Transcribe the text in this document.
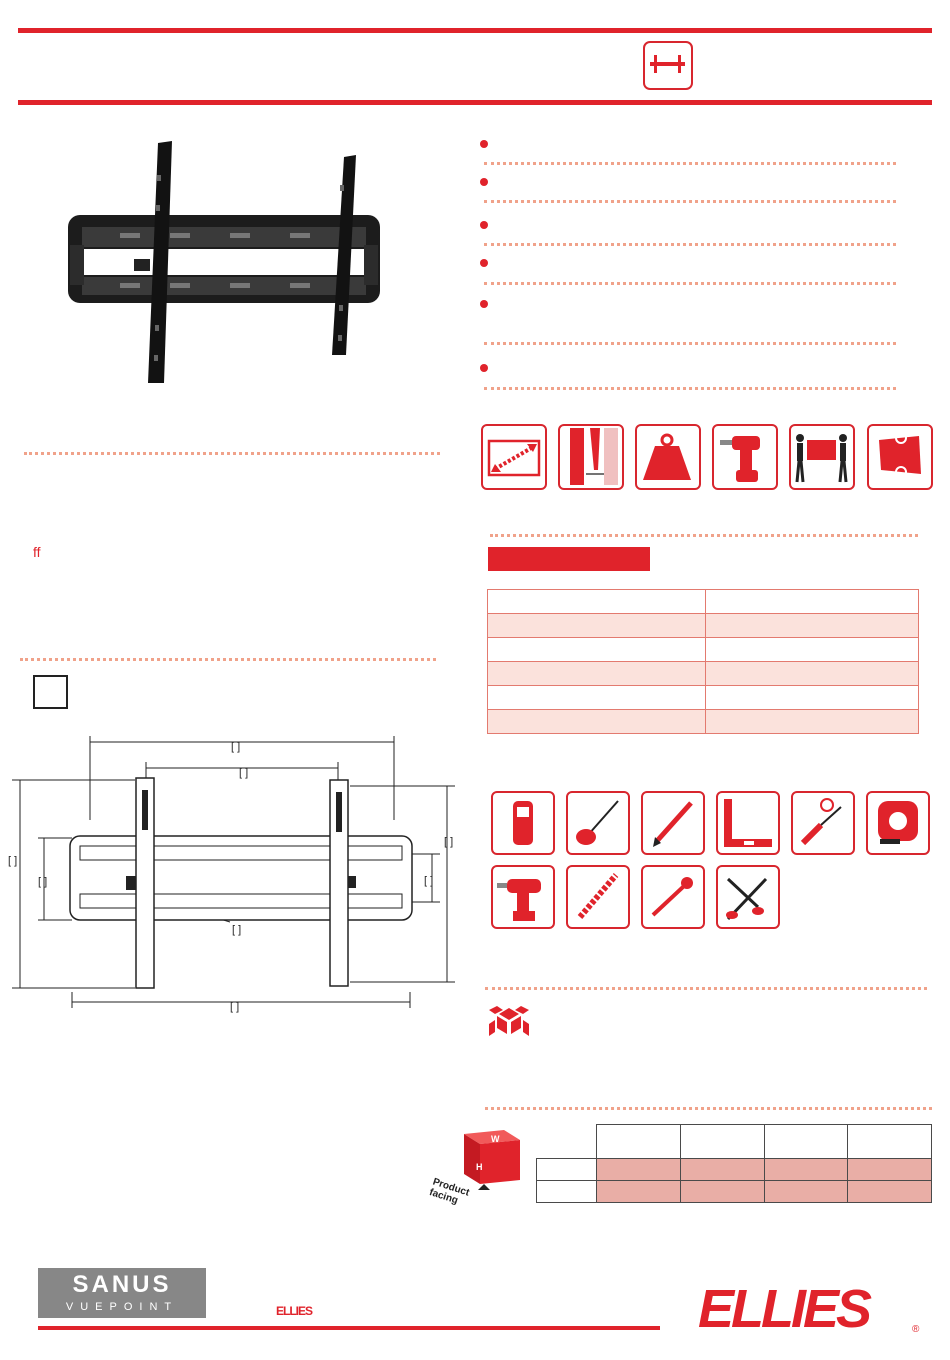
ff
[ ]
[ ]
[ ]
[ ]
[ ]
[ ]
[ ]
[ ]

W
H
Product facing

SANUS
VUEPOINT	ELLIES	ELLIES	®
